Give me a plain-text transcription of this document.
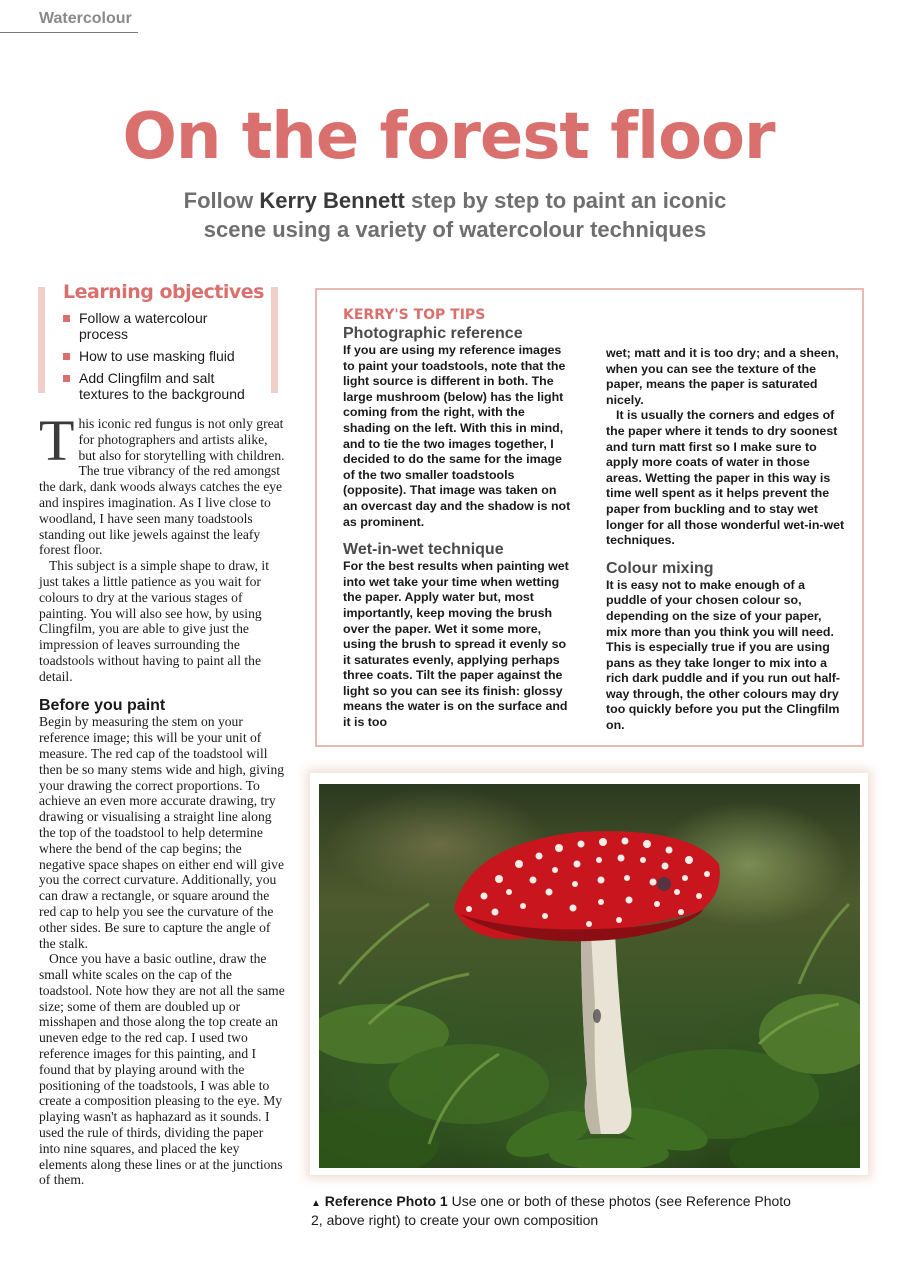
Watercolour
On the forest floor
Follow Kerry Bennett step by step to paint an iconic scene using a variety of watercolour techniques
Learning objectives
Follow a watercolour process
How to use masking fluid
Add Clingfilm and salt textures to the background

This iconic red fungus is not only great for photographers and artists alike, but also for storytelling with children. The true vibrancy of the red amongst the dark, dank woods always catches the eye and inspires imagination. As I live close to woodland, I have seen many toadstools standing out like jewels against the leafy forest floor.

This subject is a simple shape to draw, it just takes a little patience as you wait for colours to dry at the various stages of painting. You will also see how, by using Clingfilm, you are able to give just the impression of leaves surrounding the toadstools without having to paint all the detail.

Before you paint

Begin by measuring the stem on your reference image; this will be your unit of measure. The red cap of the toadstool will then be so many stems wide and high, giving your drawing the correct proportions. To achieve an even more accurate drawing, try drawing or visualising a straight line along the top of the toadstool to help determine where the bend of the cap begins; the negative space shapes on either end will give you the correct curvature. Additionally, you can draw a rectangle, or square around the red cap to help you see the curvature of the other sides. Be sure to capture the angle of the stalk.

Once you have a basic outline, draw the small white scales on the cap of the toadstool. Note how they are not all the same size; some of them are doubled up or misshapen and those along the top create an uneven edge to the red cap. I used two reference images for this painting, and I found that by playing around with the positioning of the toadstools, I was able to create a composition pleasing to the eye. My playing wasn't as haphazard as it sounds. I used the rule of thirds, dividing the paper into nine squares, and placed the key elements along these lines or at the junctions of them.

KERRY'S TOP TIPS
Photographic reference

If you are using my reference images to paint your toadstools, note that the light source is different in both. The large mushroom (below) has the light coming from the right, with the shading on the left. With this in mind, and to tie the two images together, I decided to do the same for the image of the two smaller toadstools (opposite). That image was taken on an overcast day and the shadow is not as prominent.

Wet-in-wet technique

For the best results when painting wet into wet take your time when wetting the paper. Apply water but, most importantly, keep moving the brush over the paper. Wet it some more, using the brush to spread it evenly so it saturates evenly, applying perhaps three coats. Tilt the paper against the light so you can see its finish: glossy means the water is on the surface and it is too

wet; matt and it is too dry; and a sheen, when you can see the texture of the paper, means the paper is saturated nicely.

It is usually the corners and edges of the paper where it tends to dry soonest and turn matt first so I make sure to apply more coats of water in those areas. Wetting the paper in this way is time well spent as it helps prevent the paper from buckling and to stay wet longer for all those wonderful wet-in-wet techniques.

Colour mixing

It is easy not to make enough of a puddle of your chosen colour so, depending on the size of your paper, mix more than you think you will need. This is especially true if you are using pans as they take longer to mix into a rich dark puddle and if you run out half-way through, the other colours may dry too quickly before you put the Clingfilm on.

▲ Reference Photo 1 Use one or both of these photos (see Reference Photo 2, above right) to create your own composition
